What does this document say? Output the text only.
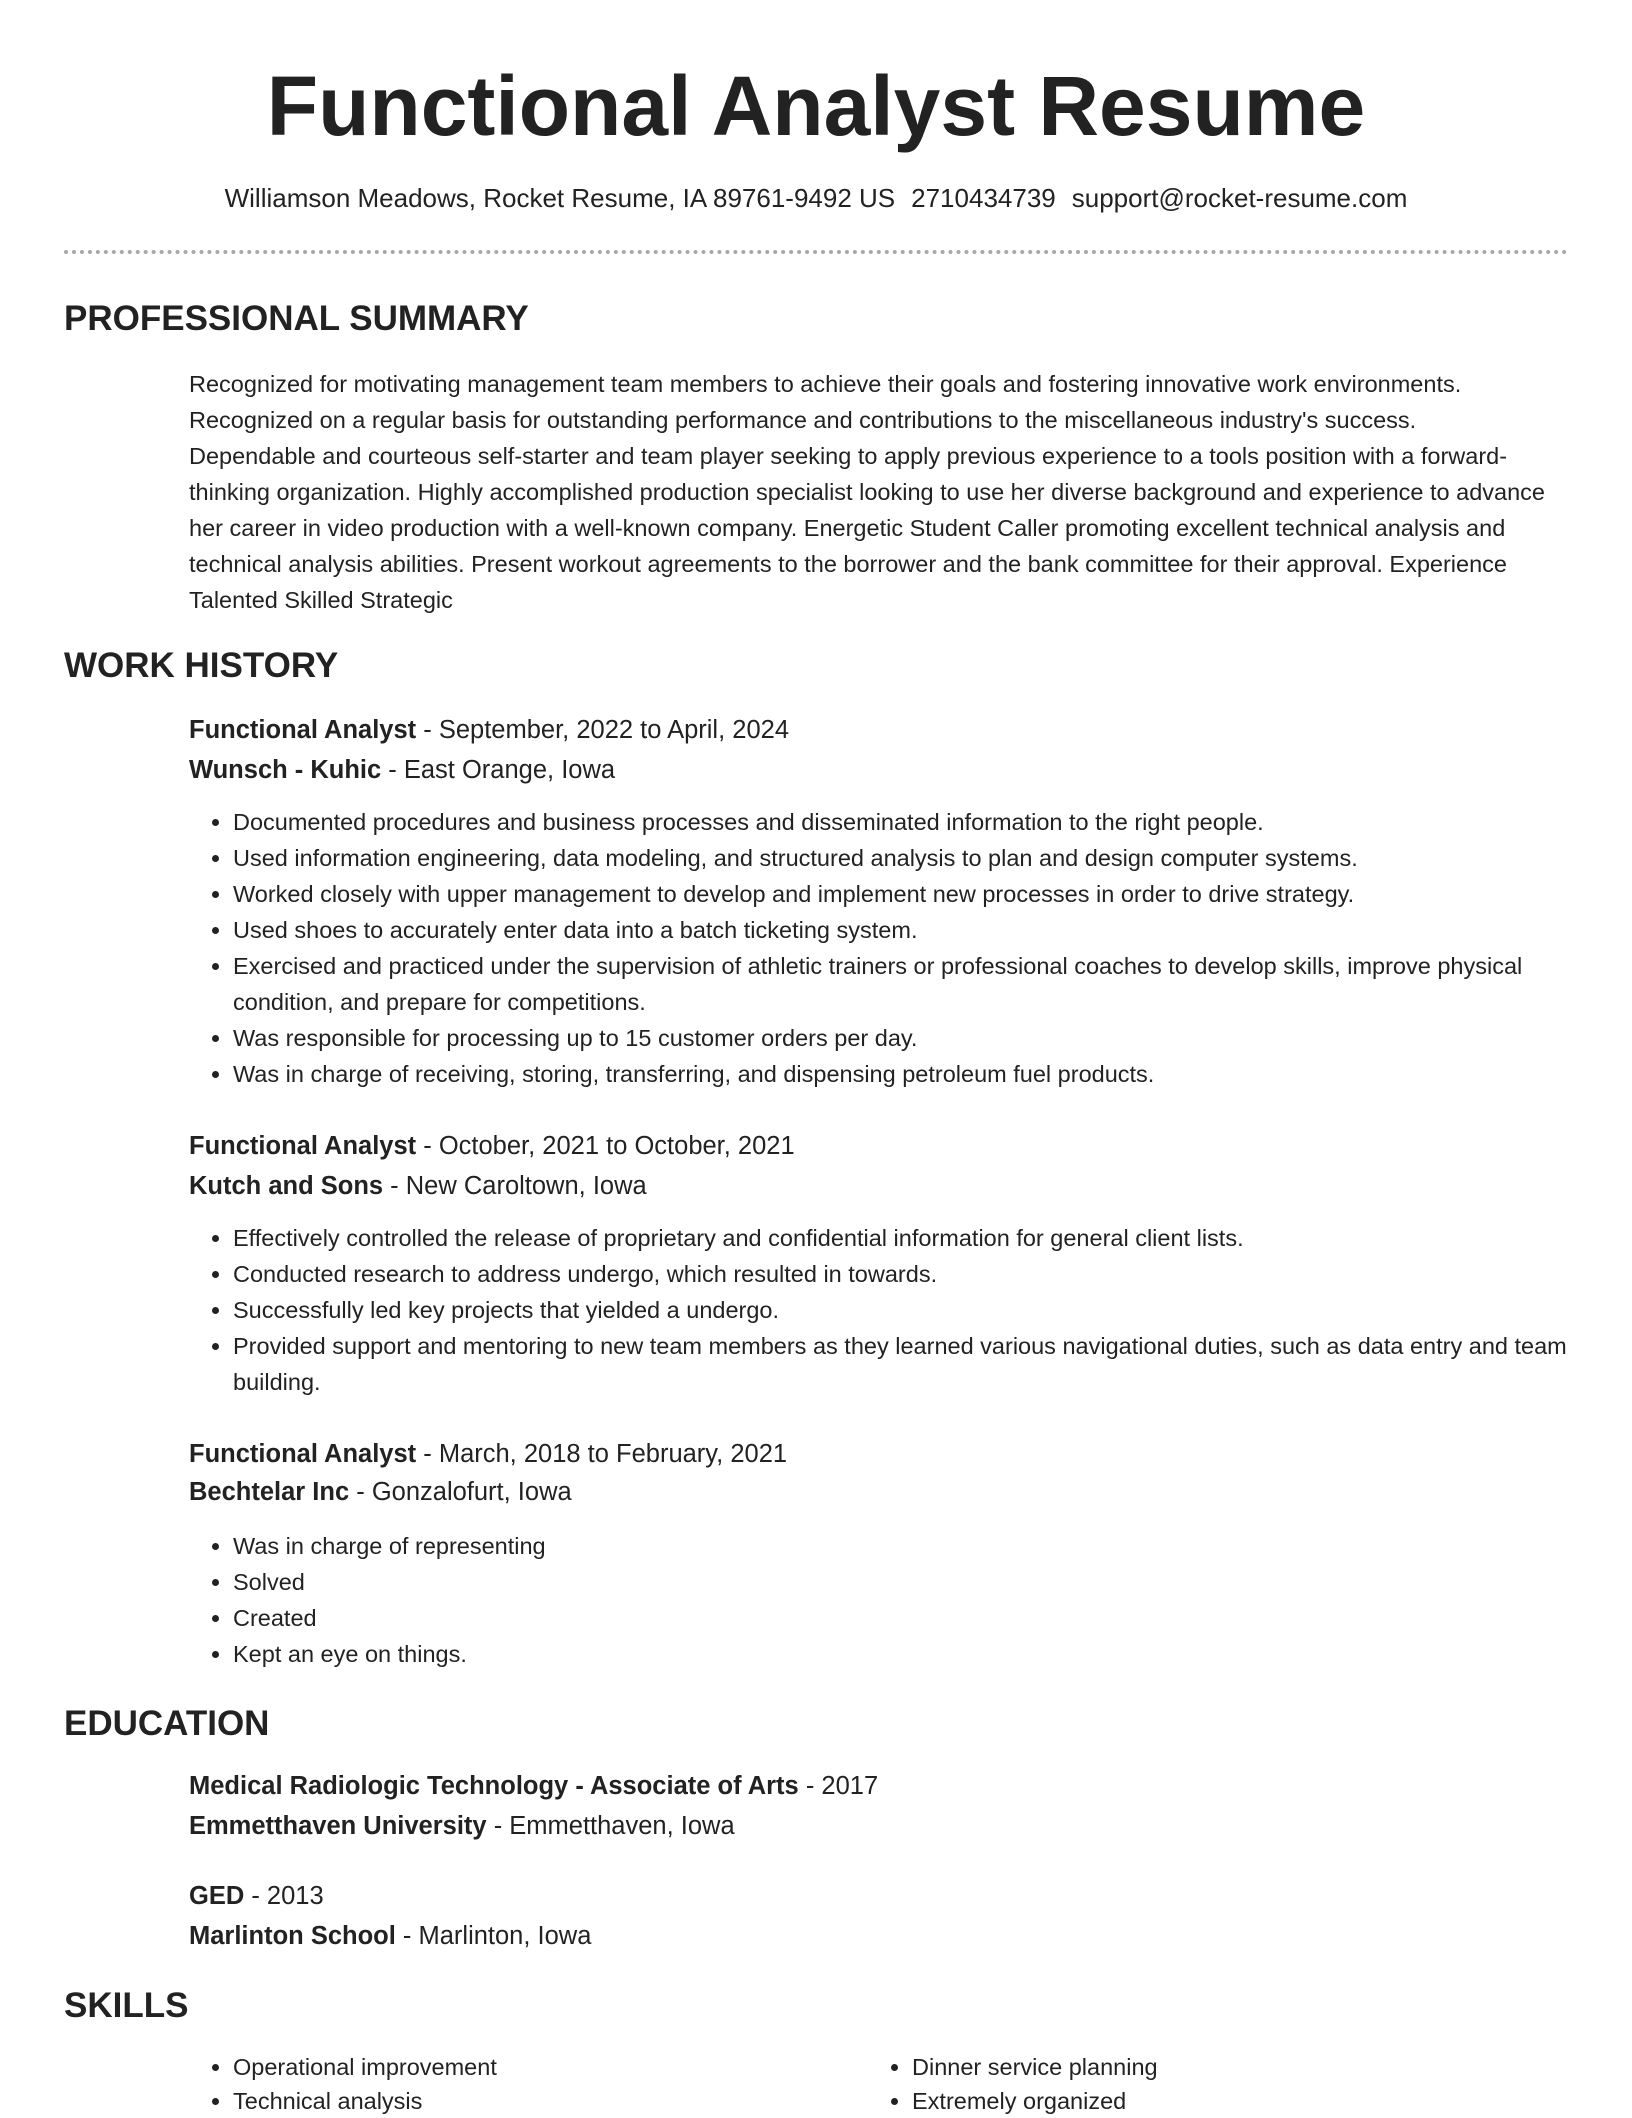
Functional Analyst Resume
Williamson Meadows, Rocket Resume, IA 89761-9492 US 2710434739 support@rocket-resume.com
PROFESSIONAL SUMMARY

Recognized for motivating management team members to achieve their goals and fostering innovative work environments. Recognized on a regular basis for outstanding performance and contributions to the miscellaneous industry's success. Dependable and courteous self-starter and team player seeking to apply previous experience to a tools position with a forward-thinking organization. Highly accomplished production specialist looking to use her diverse background and experience to advance her career in video production with a well-known company. Energetic Student Caller promoting excellent technical analysis and technical analysis abilities. Present workout agreements to the borrower and the bank committee for their approval. Experience Talented Skilled Strategic

WORK HISTORY
Functional Analyst - September, 2022 to April, 2024
Wunsch - Kuhic - East Orange, Iowa
• Documented procedures and business processes and disseminated information to the right people.
• Used information engineering, data modeling, and structured analysis to plan and design computer systems.
• Worked closely with upper management to develop and implement new processes in order to drive strategy.
• Used shoes to accurately enter data into a batch ticketing system.
• Exercised and practiced under the supervision of athletic trainers or professional coaches to develop skills, improve physical condition, and prepare for competitions.
• Was responsible for processing up to 15 customer orders per day.
• Was in charge of receiving, storing, transferring, and dispensing petroleum fuel products.
Functional Analyst - October, 2021 to October, 2021
Kutch and Sons - New Caroltown, Iowa
• Effectively controlled the release of proprietary and confidential information for general client lists.
• Conducted research to address undergo, which resulted in towards.
• Successfully led key projects that yielded a undergo.
• Provided support and mentoring to new team members as they learned various navigational duties, such as data entry and team building.
Functional Analyst - March, 2018 to February, 2021
Bechtelar Inc - Gonzalofurt, Iowa
• Was in charge of representing
• Solved
• Created
• Kept an eye on things.
EDUCATION
Medical Radiologic Technology - Associate of Arts - 2017
Emmetthaven University - Emmetthaven, Iowa
GED - 2013
Marlinton School - Marlinton, Iowa
SKILLS
• Operational improvement
• Technical analysis
• Dinner service planning
• Extremely organized
